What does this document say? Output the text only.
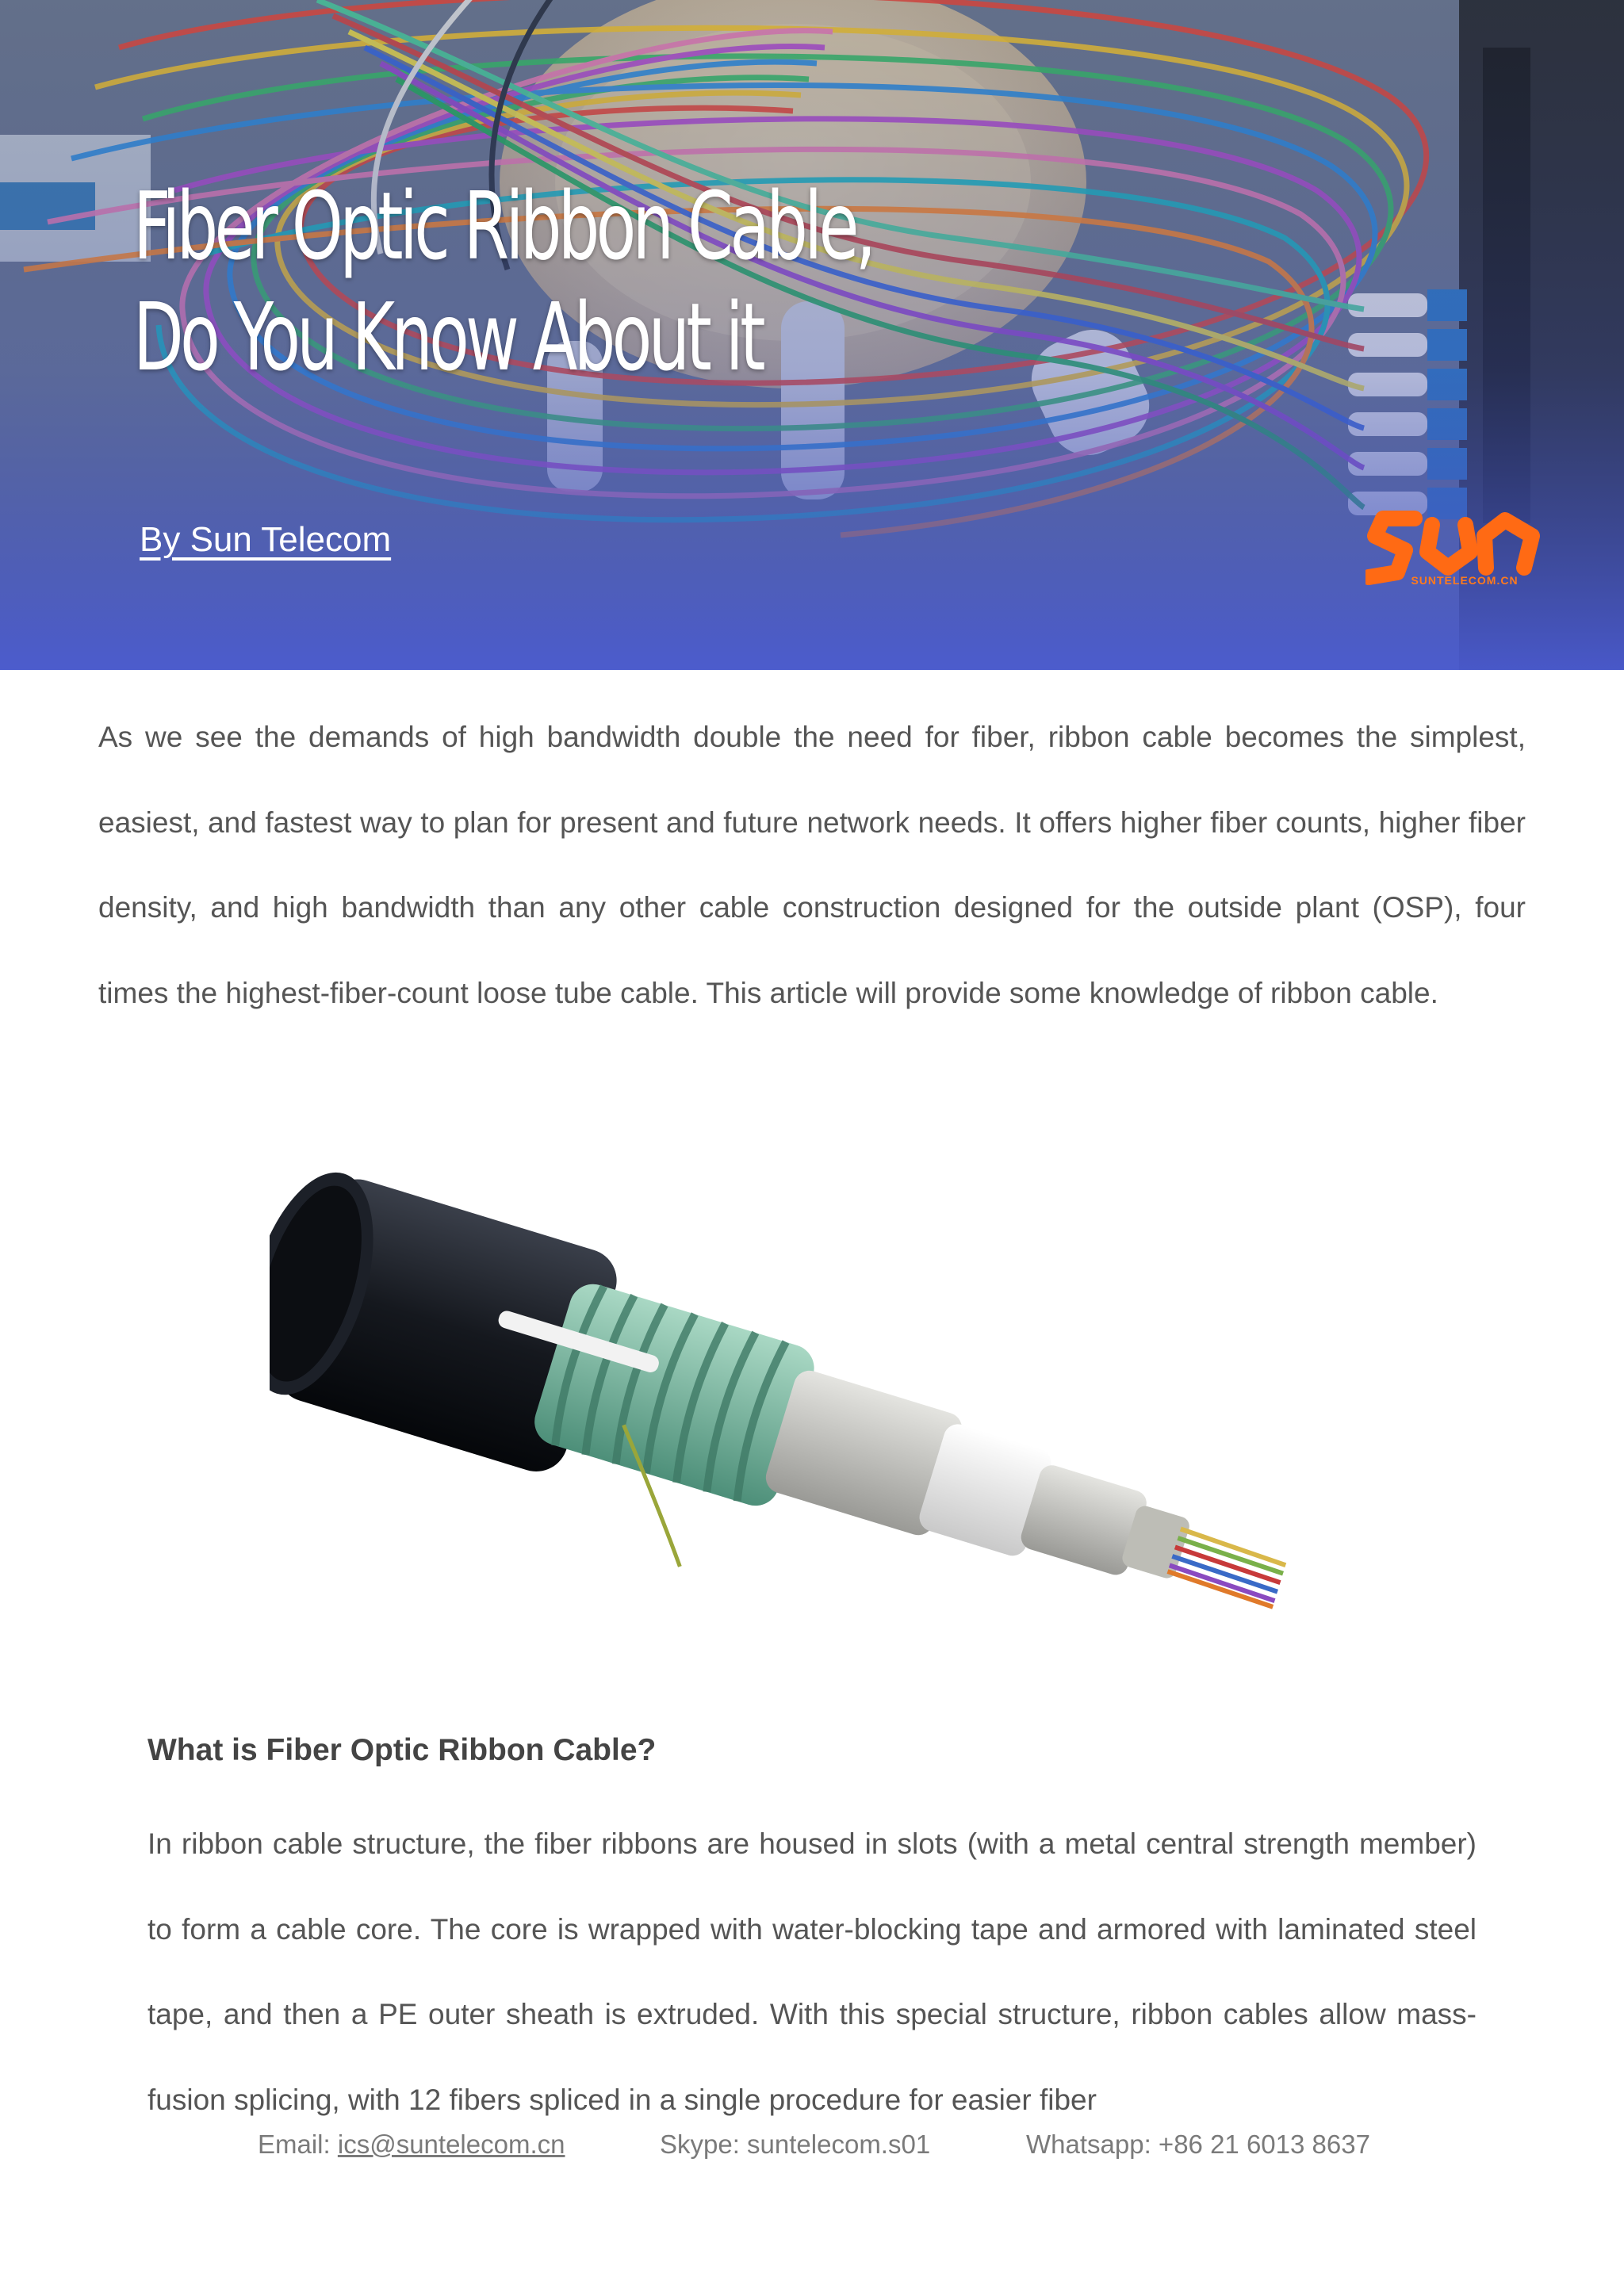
Fiber Optic Ribbon Cable,
Do You Know About it
By Sun Telecom
SUNTELECOM.CN

As we see the demands of high bandwidth double the need for fiber, ribbon cable becomes the simplest, easiest, and fastest way to plan for present and future network needs. It offers higher fiber counts, higher fiber density, and high bandwidth than any other cable construction designed for the outside plant (OSP), four times the highest-fiber-count loose tube cable. This article will provide some knowledge of ribbon cable.

What is Fiber Optic Ribbon Cable?

In ribbon cable structure, the fiber ribbons are housed in slots (with a metal central strength member) to form a cable core. The core is wrapped with water-blocking tape and armored with laminated steel tape, and then a PE outer sheath is extruded. With this special structure, ribbon cables allow mass-fusion splicing, with 12 fibers spliced in a single procedure for easier fiber

Email: ics@suntelecom.cn	Skype: suntelecom.s01	Whatsapp: +86 21 6013 8637
